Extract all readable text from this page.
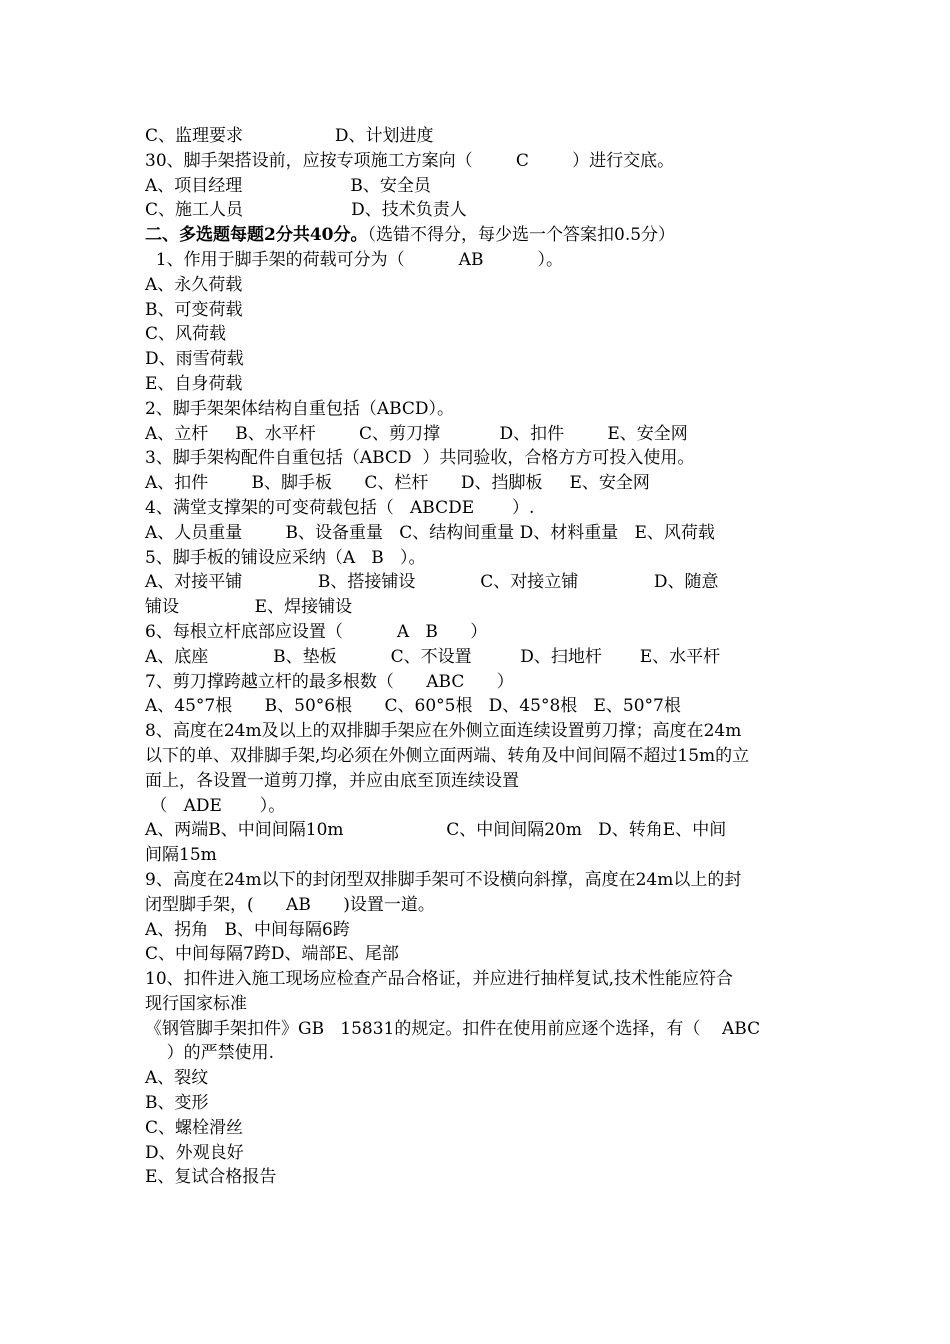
C、监理要求                 D、计划进度
30、脚手架搭设前，应按专项施工方案向（        C        ）进行交底。
A、项目经理                    B、安全员
C、施工人员                    D、技术负责人
二、多选题每题2分共40分。（选错不得分，每少选一个答案扣0.5分）
1、作用于脚手架的荷载可分为（          AB          ）。
A、永久荷载
B、可变荷载
C、风荷载
D、雨雪荷载
E、自身荷载
2、脚手架架体结构自重包括（ABCD）。
A、立杆     B、水平杆        C、剪刀撑           D、扣件        E、安全网
3、脚手架构配件自重包括（ABCD  ）共同验收，合格方方可投入使用。
A、扣件        B、脚手板      C、栏杆      D、挡脚板     E、安全网
4、满堂支撑架的可变荷载包括（   ABCDE       ）.
A、人员重量        B、设备重量   C、结构间重量 D、材料重量   E、风荷载
5、脚手板的铺设应采纳（A   B   ）。
A、对接平铺              B、搭接铺设            C、对接立铺              D、随意
铺设              E、焊接铺设
6、每根立杆底部应设置（          A   B      ）
A、底座            B、垫板          C、不设置         D、扫地杆       E、水平杆
7、剪刀撑跨越立杆的最多根数（      ABC      ）
A、45°7根      B、50°6根      C、60°5根   D、45°8根   E、50°7根
8、高度在24m及以上的双排脚手架应在外侧立面连续设置剪刀撑；高度在24m
以下的单、双排脚手架,均必须在外侧立面两端、转角及中间间隔不超过15m的立
面上，各设置一道剪刀撑，并应由底至顶连续设置
（   ADE       ）。
A、两端B、中间间隔10m                   C、中间间隔20m   D、转角E、中间
间隔15m
9、高度在24m以下的封闭型双排脚手架可不设横向斜撑，高度在24m以上的封
闭型脚手架，(      AB      )设置一道。
A、拐角   B、中间每隔6跨
C、中间每隔7跨D、端部E、尾部
10、扣件进入施工现场应检查产品合格证，并应进行抽样复试,技术性能应符合
现行国家标准
《钢管脚手架扣件》GB   15831的规定。扣件在使用前应逐个选择，有（    ABC
）的严禁使用.
A、裂纹
B、变形
C、螺栓滑丝
D、外观良好
E、复试合格报告
